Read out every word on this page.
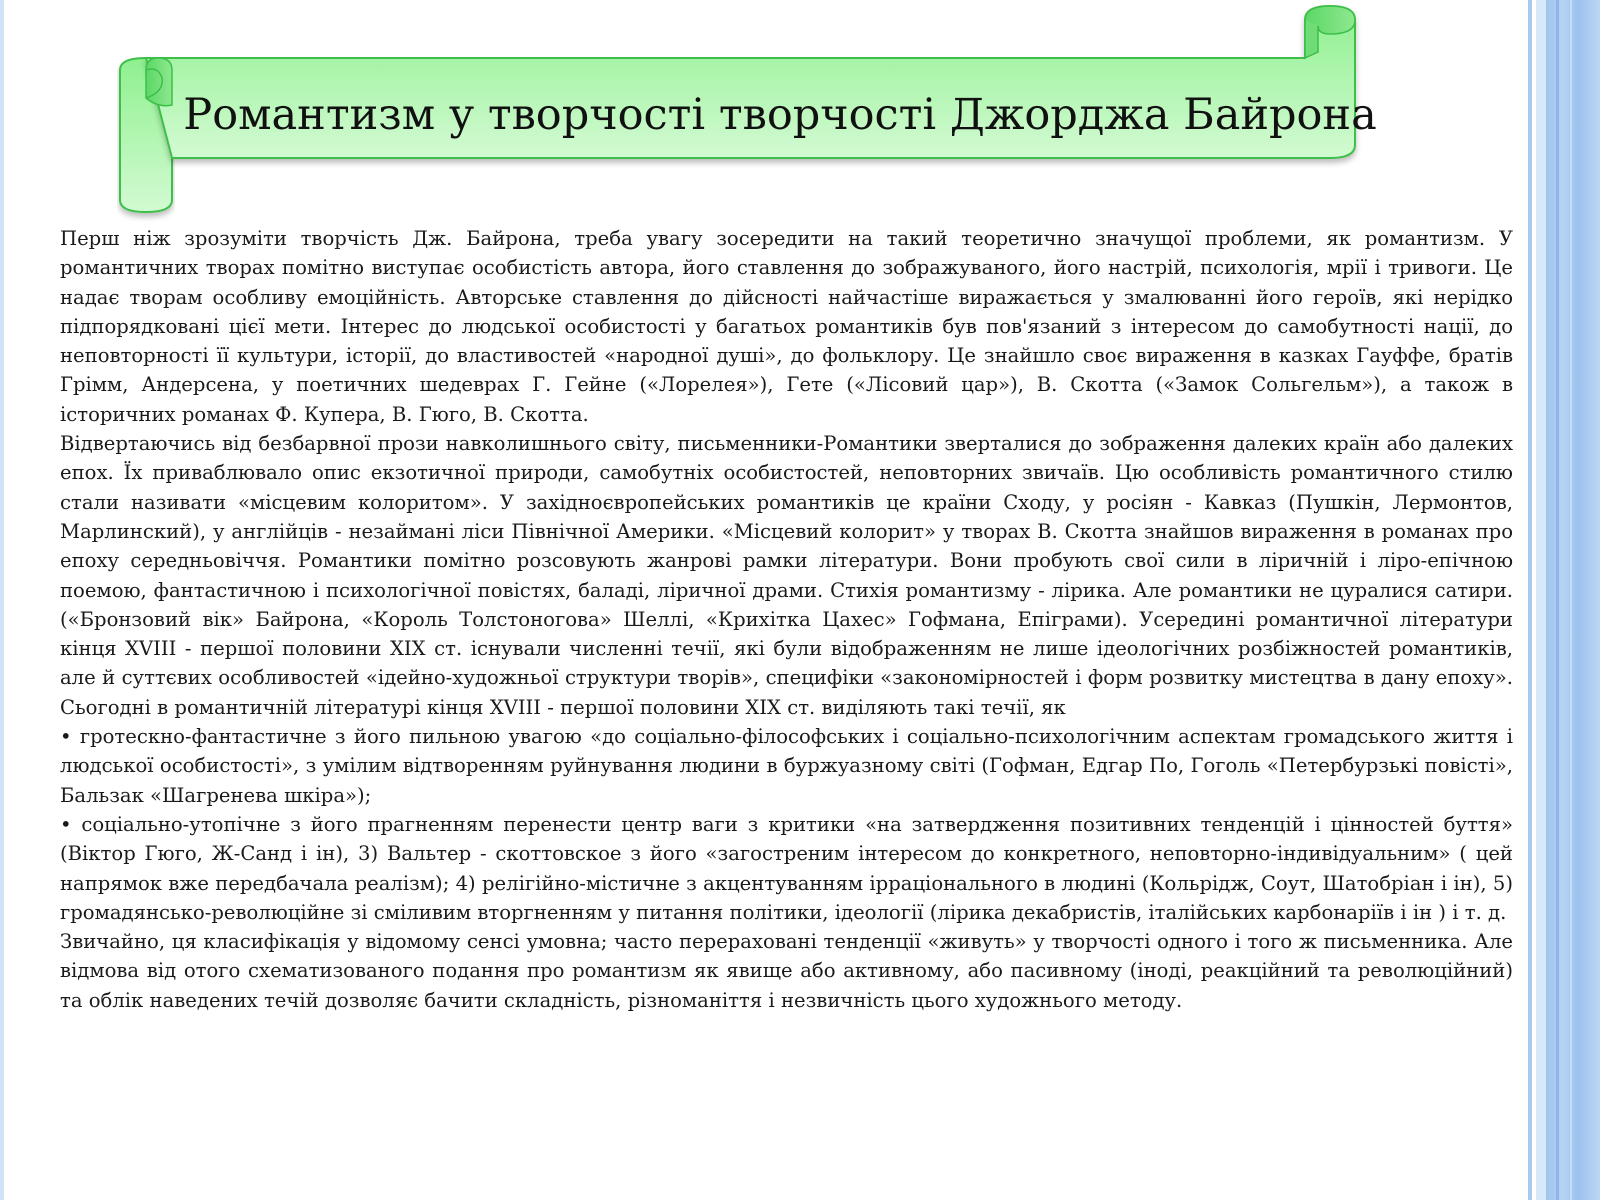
Романтизм у творчості творчості Джорджа Байрона

Перш ніж зрозуміти творчість Дж. Байрона, треба увагу зосередити на такий теоретично значущої проблеми, як романтизм. У романтичних творах помітно виступає особистість автора, його ставлення до зображуваного, його настрій, психологія, мрії і тривоги. Це надає творам особливу емоційність. Авторське ставлення до дійсності найчастіше виражається у змалюванні його героїв, які нерідко підпорядковані цієї мети. Інтерес до людської особистості у багатьох романтиків був пов'язаний з інтересом до самобутності нації, до неповторності її культури, історії, до властивостей «народної душі», до фольклору. Це знайшло своє вираження в казках Гауффе, братів Грімм, Андерсена, у поетичних шедеврах Г. Гейне («Лорелея»), Гете («Лісовий цар»), В. Скотта («Замок Сольгельм»), а також в історичних романах Ф. Купера, В. Гюго, В. Скотта.

Відвертаючись від безбарвної прози навколишнього світу, письменники-Романтики зверталися до зображення далеких країн або далеких епох. Їх приваблювало опис екзотичної природи, самобутніх особистостей, неповторних звичаїв. Цю особливість романтичного стилю стали називати «місцевим колоритом». У західноєвропейських романтиків це країни Сходу, у росіян - Кавказ (Пушкін, Лермонтов, Марлинский), у англійців - незаймані ліси Північної Америки. «Місцевий колорит» у творах В. Скотта знайшов вираження в романах про епоху середньовіччя. Романтики помітно розсовують жанрові рамки літератури. Вони пробують свої сили в ліричній і ліро-епічною поемою, фантастичною і психологічної повістях, баладі, ліричної драми. Стихія романтизму - лірика. Але романтики не цуралися сатири. («Бронзовий вік» Байрона, «Король Толстоногова» Шеллі, «Крихітка Цахес» Гофмана, Епіграми). Усередині романтичної літератури кінця XVIII - першої половини XIX ст. існували численні течії, які були відображенням не лише ідеологічних розбіжностей романтиків, але й суттєвих особливостей «ідейно-художньої структури творів», специфіки «закономірностей і форм розвитку мистецтва в дану епоху». Сьогодні в романтичній літературі кінця XVIII - першої половини XIX ст. виділяють такі течії, як

• гротескно-фантастичне з його пильною увагою «до соціально-філософських і соціально-психологічним аспектам громадського життя і людської особистості», з умілим відтворенням руйнування людини в буржуазному світі (Гофман, Едгар По, Гоголь «Петербурзькі повісті», Бальзак «Шагренева шкіра»);

• соціально-утопічне з його прагненням перенести центр ваги з критики «на затвердження позитивних тенденцій і цінностей буття» (Віктор Гюго, Ж-Санд і ін), 3) Вальтер - скоттовское з його «загостреним інтересом до конкретного, неповторно-індивідуальним» ( цей напрямок вже передбачала реалізм); 4) релігійно-містичне з акцентуванням ірраціонального в людині (Кольрідж, Соут, Шатобріан і ін), 5) громадянсько-революційне зі сміливим вторгненням у питання політики, ідеології (лірика декабристів, італійських карбонаріїв і ін ) і т. д.

Звичайно, ця класифікація у відомому сенсі умовна; часто перераховані тенденції «живуть» у творчості одного і того ж письменника. Але відмова від отого схематизованого подання про романтизм як явище або активному, або пасивному (іноді, реакційний та революційний) та облік наведених течій дозволяє бачити складність, різноманіття і незвичність цього художнього методу.
